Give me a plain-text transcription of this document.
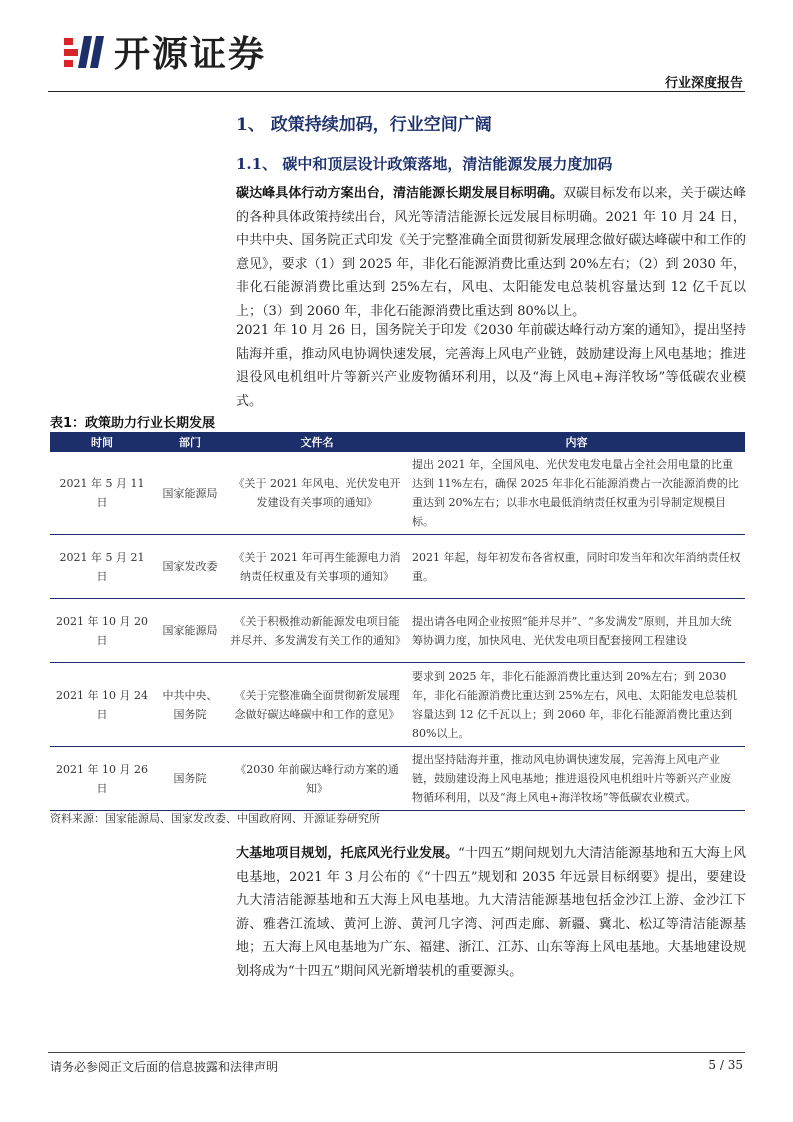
开源证券
行业深度报告
1、 政策持续加码，行业空间广阔
1.1、 碳中和顶层设计政策落地，清洁能源发展力度加码
碳达峰具体行动方案出台，清洁能源长期发展目标明确。双碳目标发布以来，关于碳达峰的各种具体政策持续出台，风光等清洁能源长远发展目标明确。2021 年 10 月 24 日，中共中央、国务院正式印发《关于完整准确全面贯彻新发展理念做好碳达峰碳中和工作的意见》，要求（1）到 2025 年，非化石能源消费比重达到 20%左右；（2）到 2030 年，非化石能源消费比重达到 25%左右，风电、太阳能发电总装机容量达到 12 亿千瓦以上；（3）到 2060 年，非化石能源消费比重达到 80%以上。
2021 年 10 月 26 日，国务院关于印发《2030 年前碳达峰行动方案的通知》，提出坚持陆海并重，推动风电协调快速发展，完善海上风电产业链，鼓励建设海上风电基地；推进退役风电机组叶片等新兴产业废物循环利用，以及“海上风电+海洋牧场”等低碳农业模式。
表1：政策助力行业长期发展
时间	部门	文件名	内容
2021 年 5 月 11 日	国家能源局	《关于 2021 年风电、光伏发电开发建设有关事项的通知》	提出 2021 年，全国风电、光伏发电发电量占全社会用电量的比重达到 11%左右，确保 2025 年非化石能源消费占一次能源消费的比重达到 20%左右；以非水电最低消纳责任权重为引导制定规模目标。
2021 年 5 月 21 日	国家发改委	《关于 2021 年可再生能源电力消纳责任权重及有关事项的通知》	2021 年起，每年初发布各省权重，同时印发当年和次年消纳责任权重。
2021 年 10 月 20 日	国家能源局	《关于积极推动新能源发电项目能并尽并、多发满发有关工作的通知》	提出请各电网企业按照“能并尽并”、“多发满发”原则，并且加大统筹协调力度，加快风电、光伏发电项目配套接网工程建设
2021 年 10 月 24 日	中共中央、国务院	《关于完整准确全面贯彻新发展理念做好碳达峰碳中和工作的意见》	要求到 2025 年，非化石能源消费比重达到 20%左右；到 2030 年，非化石能源消费比重达到 25%左右，风电、太阳能发电总装机容量达到 12 亿千瓦以上；到 2060 年，非化石能源消费比重达到 80%以上。
2021 年 10 月 26 日	国务院	《2030 年前碳达峰行动方案的通知》	提出坚持陆海并重，推动风电协调快速发展，完善海上风电产业链，鼓励建设海上风电基地；推进退役风电机组叶片等新兴产业废物循环利用，以及“海上风电+海洋牧场”等低碳农业模式。
资料来源：国家能源局、国家发改委、中国政府网、开源证券研究所
大基地项目规划，托底风光行业发展。“十四五”期间规划九大清洁能源基地和五大海上风电基地，2021 年 3 月公布的《“十四五”规划和 2035 年远景目标纲要》提出，要建设九大清洁能源基地和五大海上风电基地。九大清洁能源基地包括金沙江上游、金沙江下游、雅砻江流域、黄河上游、黄河几字湾、河西走廊、新疆、冀北、松辽等清洁能源基地；五大海上风电基地为广东、福建、浙江、江苏、山东等海上风电基地。大基地建设规划将成为“十四五”期间风光新增装机的重要源头。
请务必参阅正文后面的信息披露和法律声明	5 / 35
